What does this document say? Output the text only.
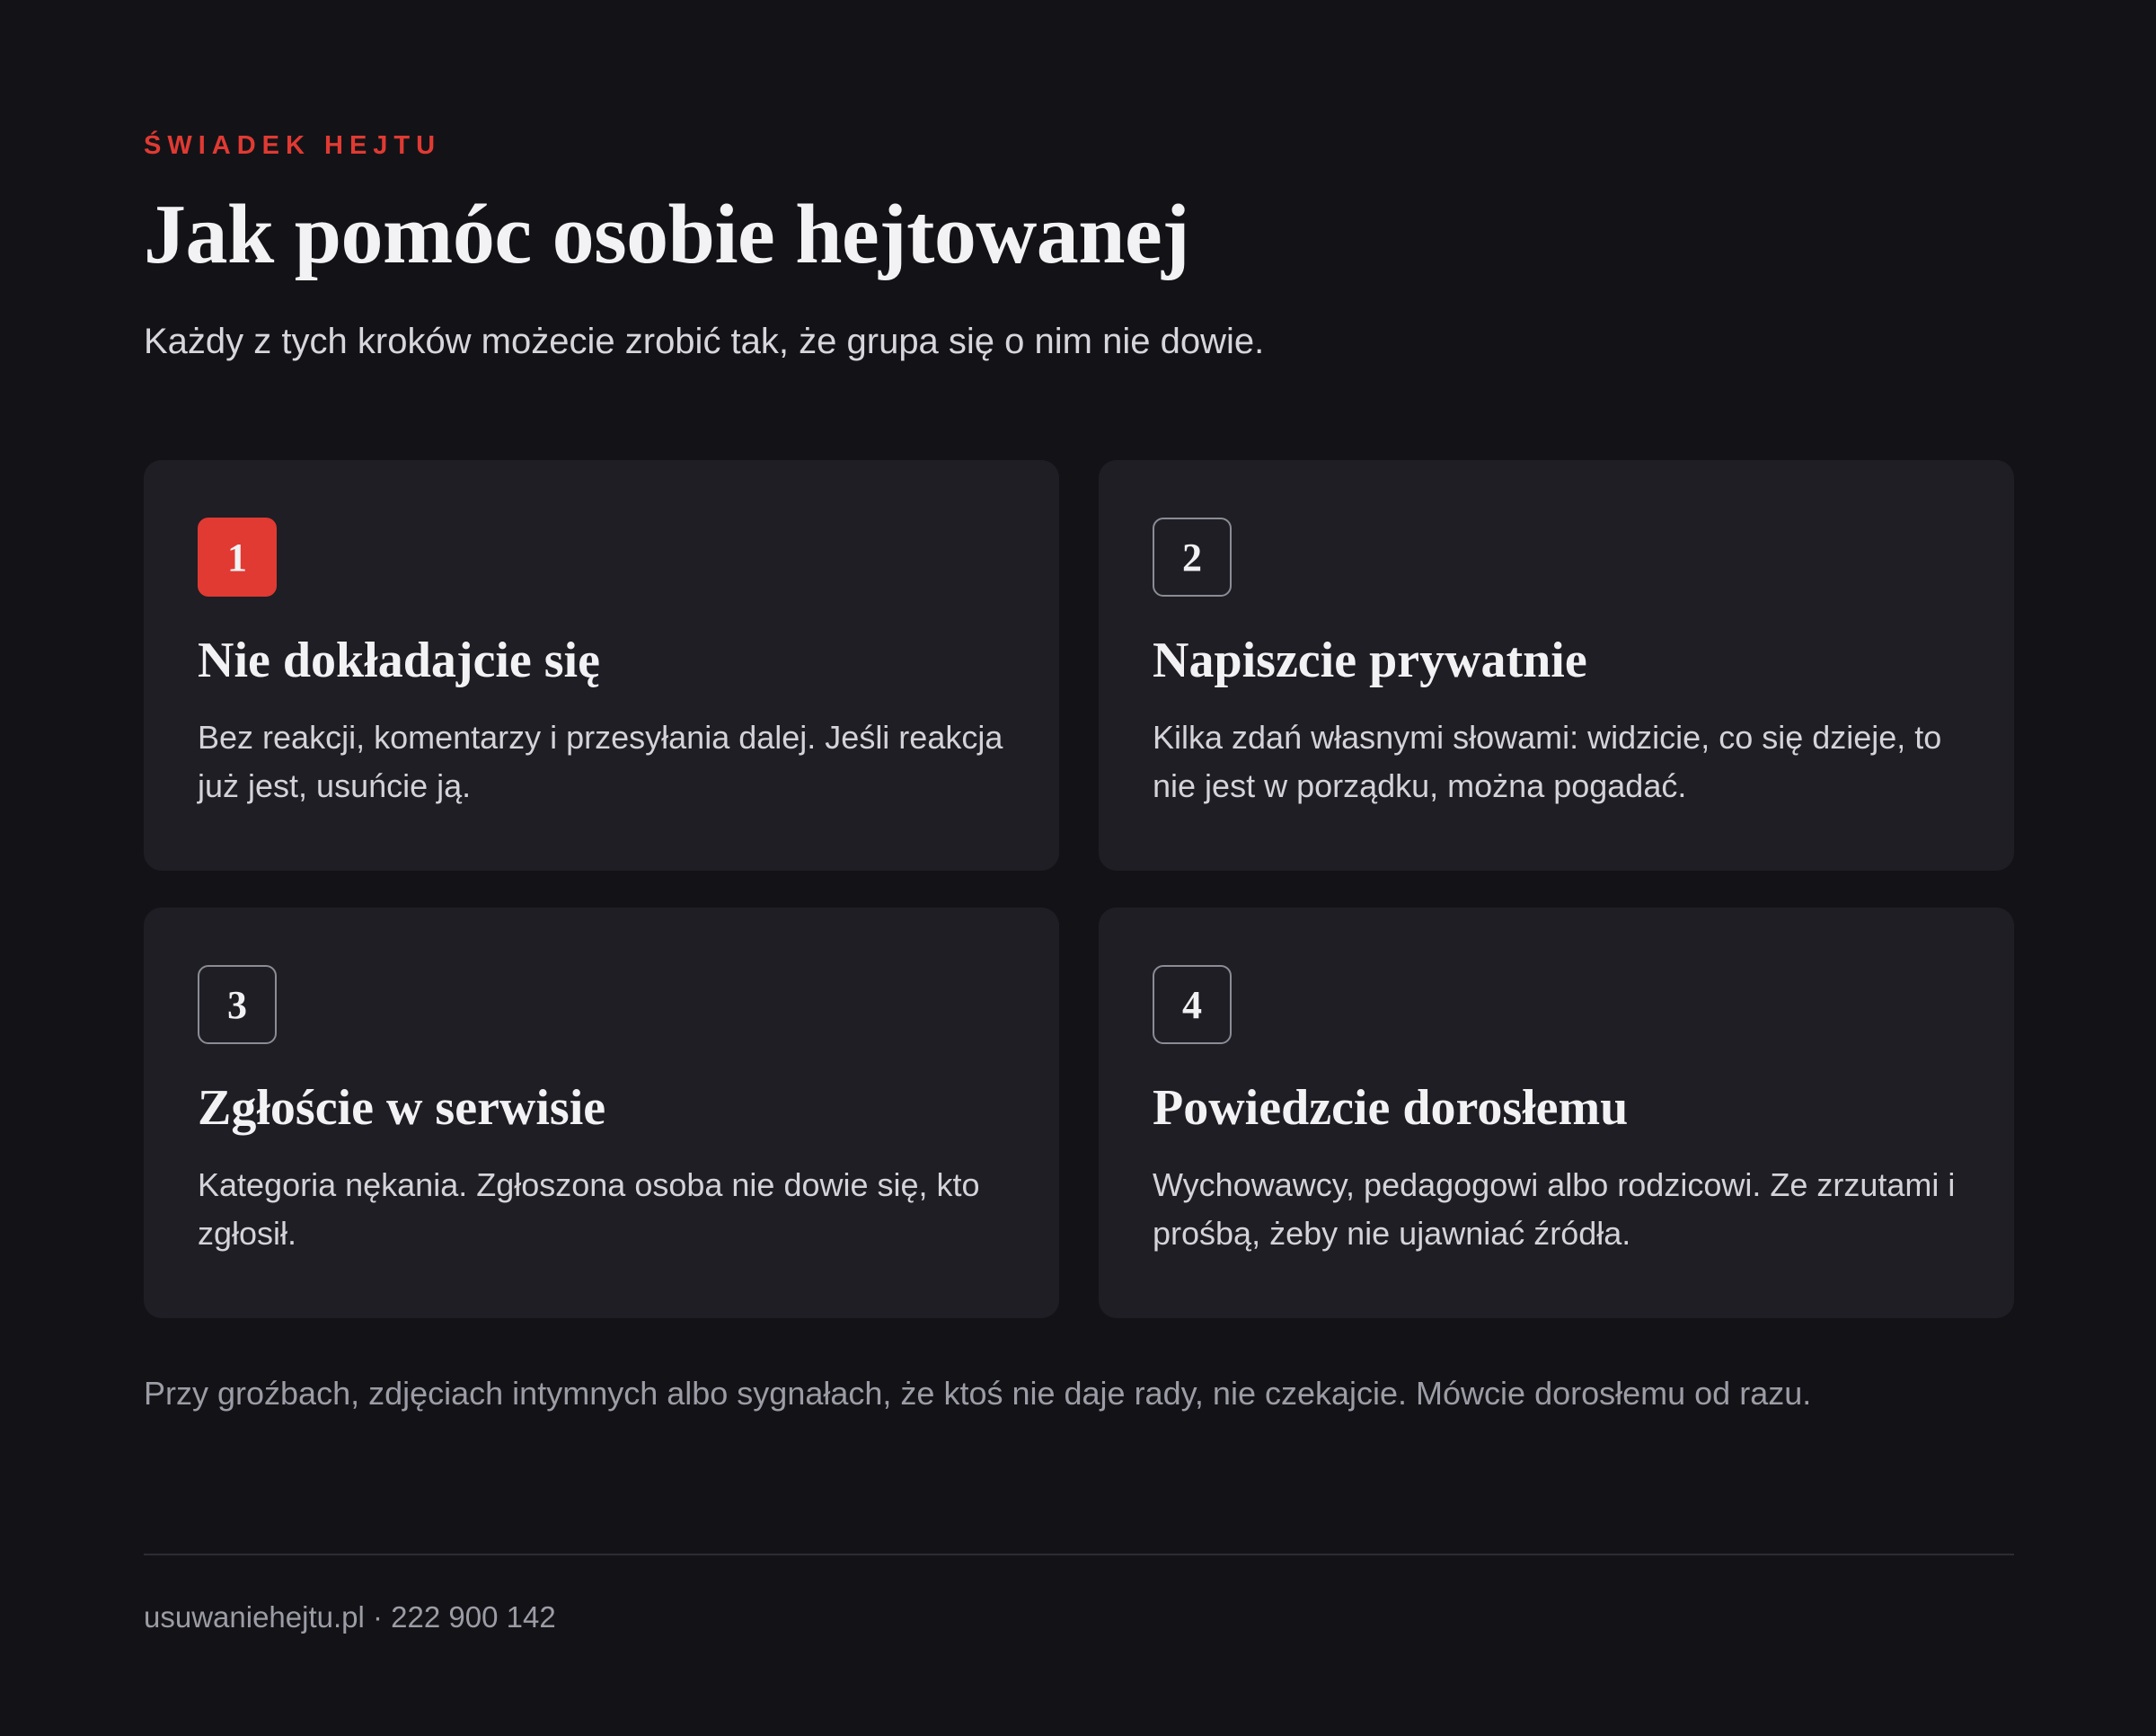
ŚWIADEK HEJTU
Jak pomóc osobie hejtowanej

Każdy z tych kroków możecie zrobić tak, że grupa się o nim nie dowie.

1
Nie dokładajcie się

Bez reakcji, komentarzy i przesyłania dalej. Jeśli reakcja już jest, usuńcie ją.

2
Napiszcie prywatnie

Kilka zdań własnymi słowami: widzicie, co się dzieje, to nie jest w porządku, można pogadać.

3
Zgłoście w serwisie

Kategoria nękania. Zgłoszona osoba nie dowie się, kto zgłosił.

4
Powiedzcie dorosłemu

Wychowawcy, pedagogowi albo rodzicowi. Ze zrzutami i prośbą, żeby nie ujawniać źródła.

Przy groźbach, zdjęciach intymnych albo sygnałach, że ktoś nie daje rady, nie czekajcie. Mówcie dorosłemu od razu.

usuwaniehejtu.pl · 222 900 142
